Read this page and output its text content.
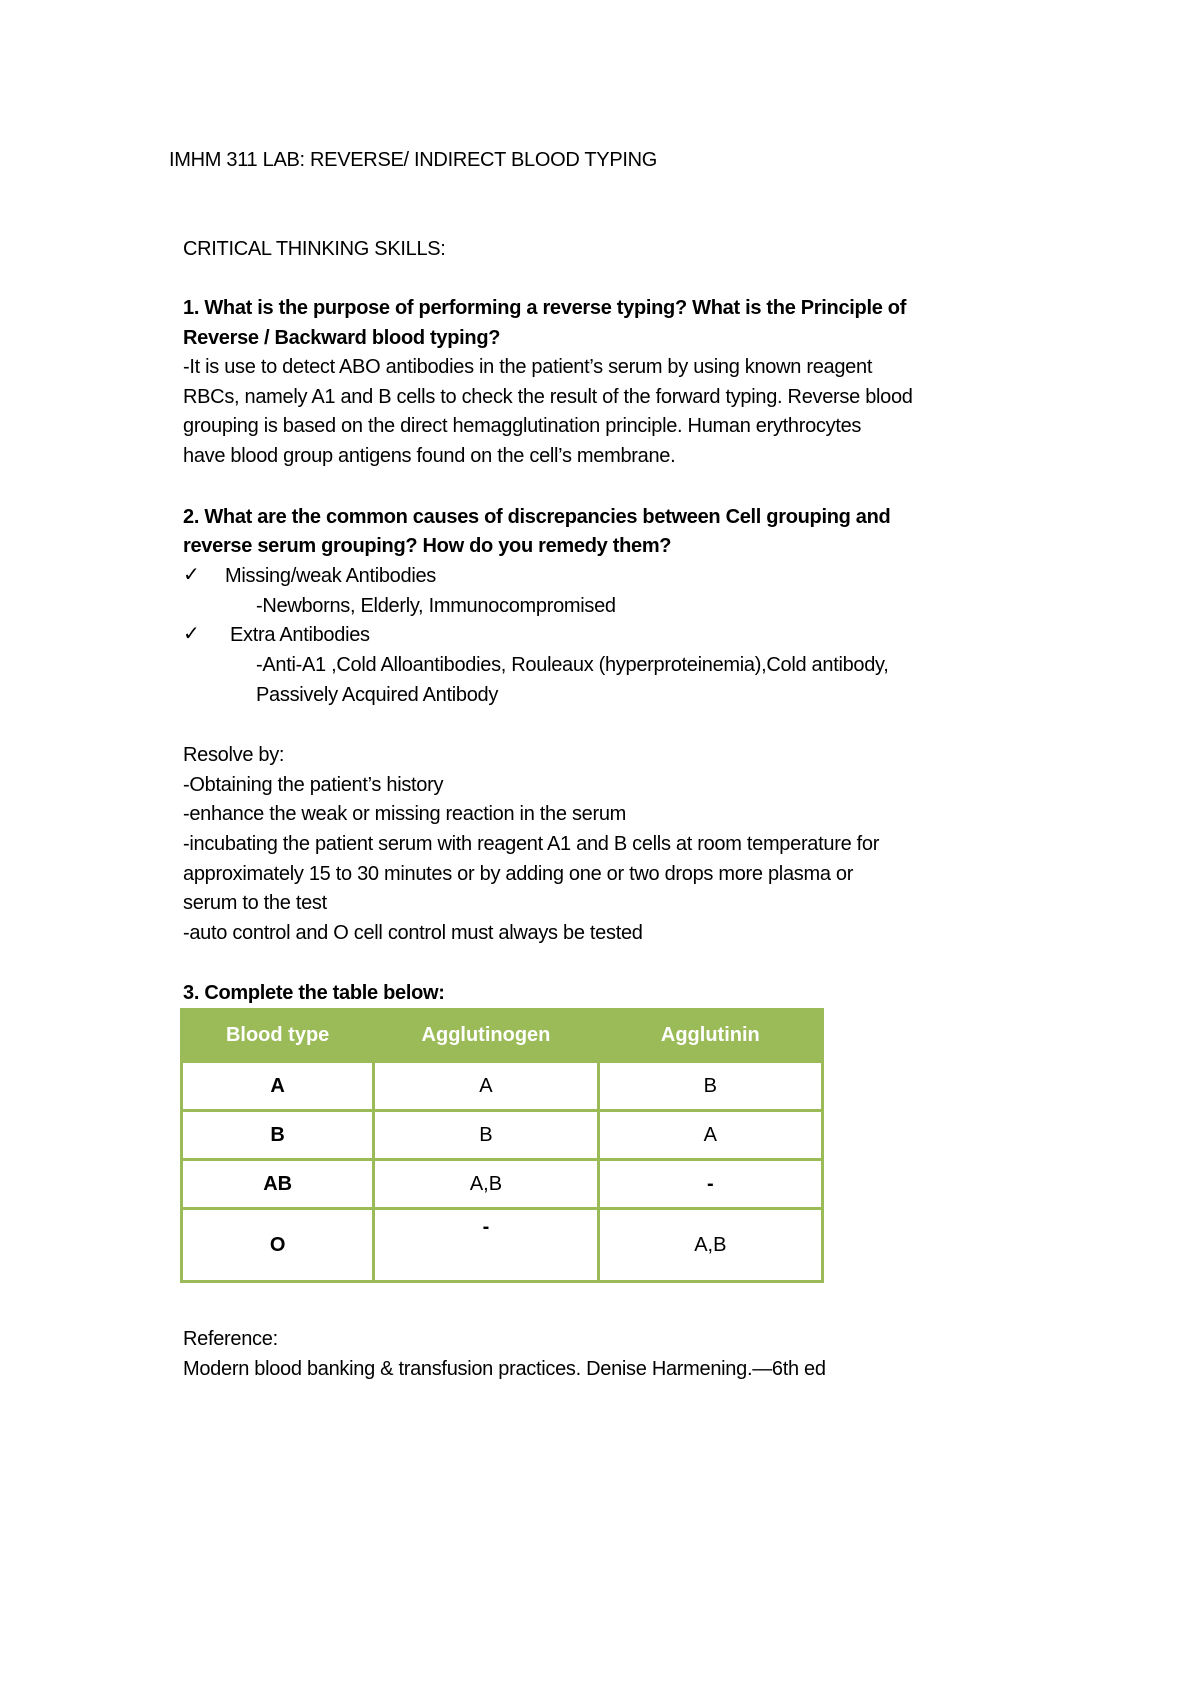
IMHM 311 LAB: REVERSE/ INDIRECT BLOOD TYPING
CRITICAL THINKING SKILLS:
1. What is the purpose of performing a reverse typing? What is the Principle of
Reverse / Backward blood typing?
-It is use to detect ABO antibodies in the patient’s serum by using known reagent
RBCs, namely A1 and B cells to check the result of the forward typing. Reverse blood
grouping is based on the direct hemagglutination principle. Human erythrocytes
have blood group antigens found on the cell’s membrane.
2. What are the common causes of discrepancies between Cell grouping and
reverse serum grouping? How do you remedy them?
✓ Missing/weak Antibodies
-Newborns, Elderly, Immunocompromised
✓ Extra Antibodies
-Anti-A1 ,Cold Alloantibodies, Rouleaux (hyperproteinemia),Cold antibody,
Passively Acquired Antibody
Resolve by:
-Obtaining the patient’s history
-enhance the weak or missing reaction in the serum
-incubating the patient serum with reagent A1 and B cells at room temperature for
approximately 15 to 30 minutes or by adding one or two drops more plasma or
serum to the test
-auto control and O cell control must always be tested
3. Complete the table below:
Blood type	Agglutinogen	Agglutinin
A	A	B
B	B	A
AB	A,B	-
O	-	A,B
Reference:
Modern blood banking & transfusion practices. Denise Harmening.—6th ed
